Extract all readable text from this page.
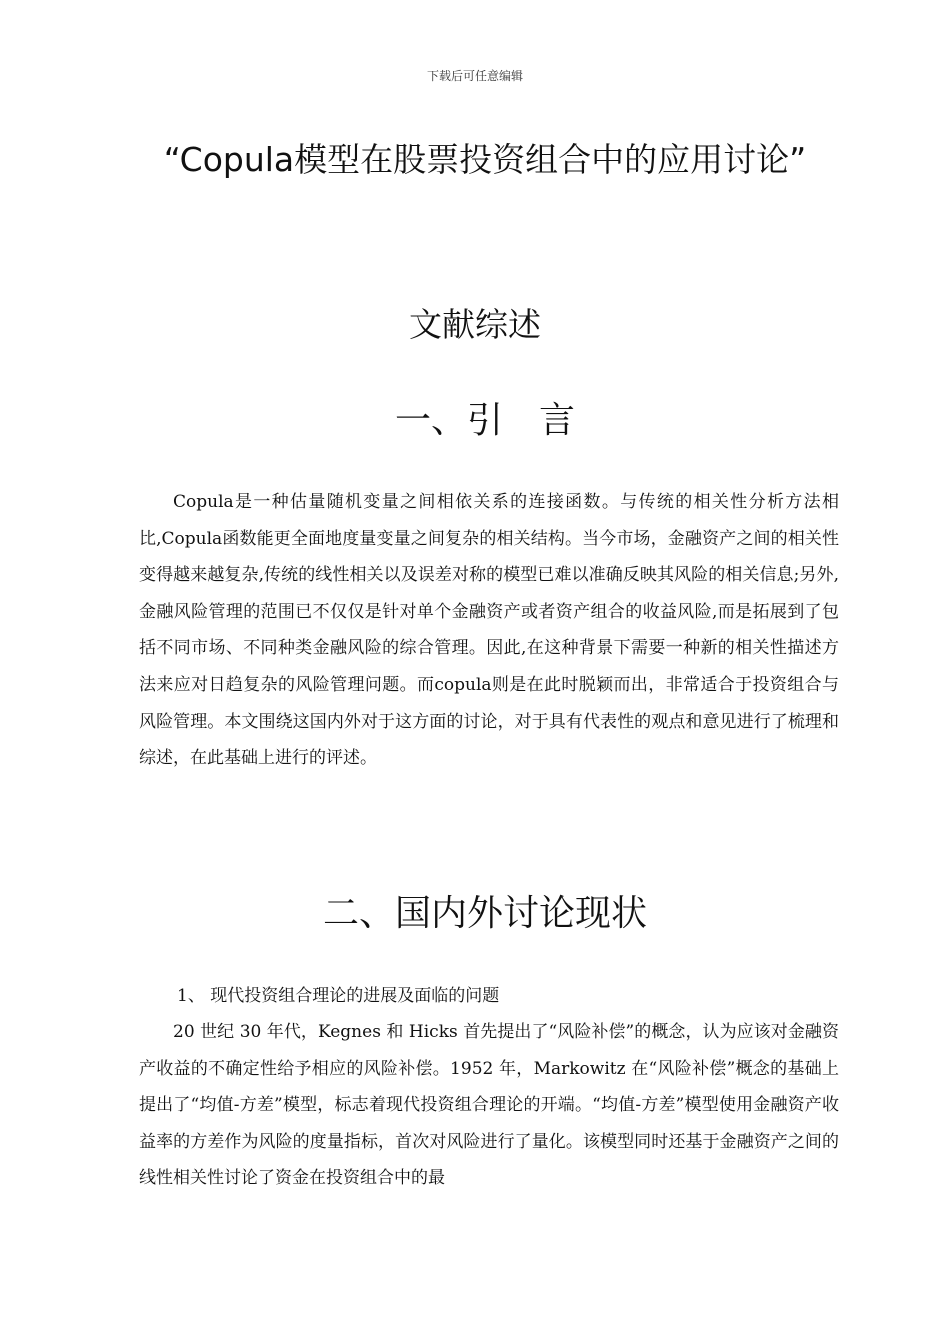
下载后可任意编辑
“Copula模型在股票投资组合中的应用讨论”
文献综述
一、引　言

Copula是一种估量随机变量之间相依关系的连接函数。与传统的相关性分析方法相比,Copula函数能更全面地度量变量之间复杂的相关结构。当今市场，金融资产之间的相关性变得越来越复杂,传统的线性相关以及误差对称的模型已难以准确反映其风险的相关信息;另外,金融风险管理的范围已不仅仅是针对单个金融资产或者资产组合的收益风险,而是拓展到了包括不同市场、不同种类金融风险的综合管理。因此,在这种背景下需要一种新的相关性描述方法来应对日趋复杂的风险管理问题。而copula则是在此时脱颖而出，非常适合于投资组合与风险管理。本文围绕这国内外对于这方面的讨论，对于具有代表性的观点和意见进行了梳理和综述，在此基础上进行的评述。

二、国内外讨论现状
1、 现代投资组合理论的进展及面临的问题

20 世纪 30 年代，Kegnes 和 Hicks 首先提出了“风险补偿”的概念，认为应该对金融资产收益的不确定性给予相应的风险补偿。1952 年，Markowitz 在“风险补偿”概念的基础上提出了“均值-方差”模型，标志着现代投资组合理论的开端。“均值-方差”模型使用金融资产收益率的方差作为风险的度量指标，首次对风险进行了量化。该模型同时还基于金融资产之间的线性相关性讨论了资金在投资组合中的最
